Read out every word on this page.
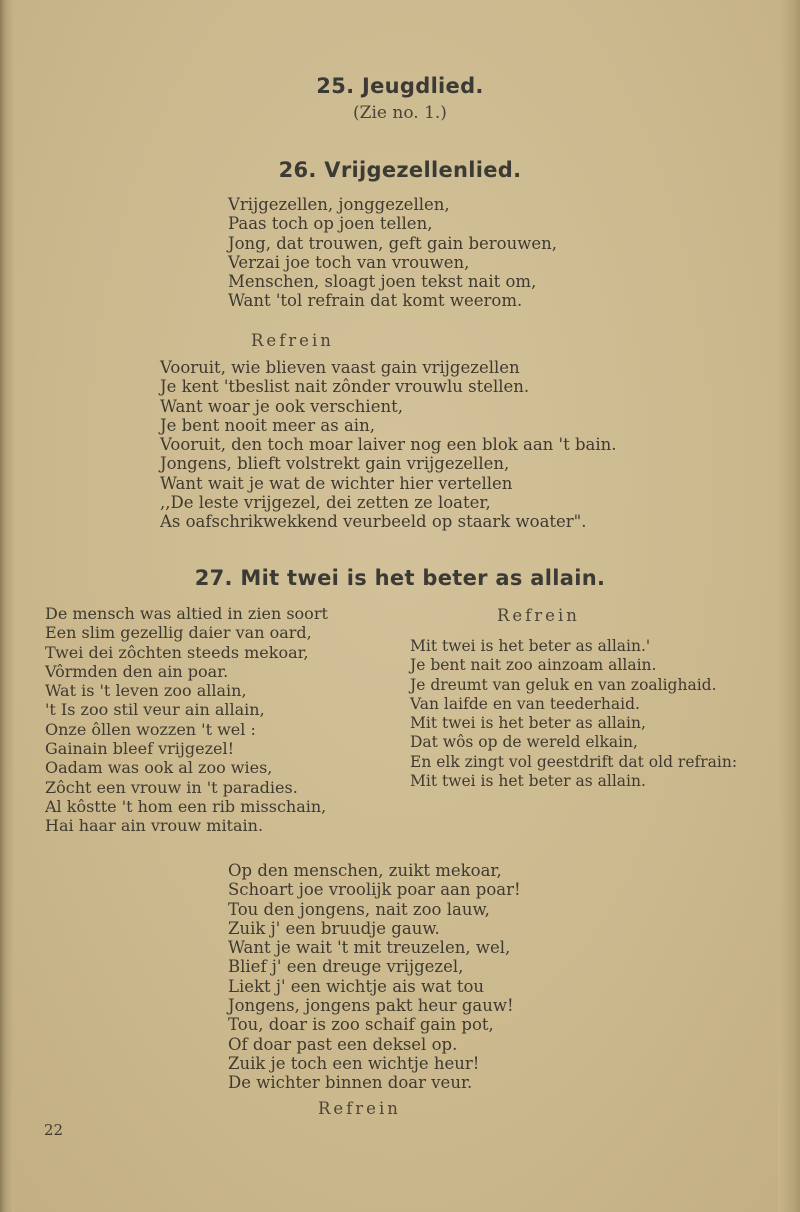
25. Jeugdlied.
(Zie no. 1.)
26. Vrijgezellenlied.
Vrijgezellen, jonggezellen,
Paas toch op joen tellen,
Jong, dat trouwen, geft gain berouwen,
Verzai joe toch van vrouwen,
Menschen, sloagt joen tekst nait om,
Want 'tol refrain dat komt weerom.
Refrein
Vooruit, wie blieven vaast gain vrijgezellen
Je kent 'tbeslist nait zônder vrouwlu stellen.
Want woar je ook verschient,
Je bent nooit meer as ain,
Vooruit, den toch moar laiver nog een blok aan 't bain.
Jongens, blieft volstrekt gain vrijgezellen,
Want wait je wat de wichter hier vertellen
,,De leste vrijgezel, dei zetten ze loater,
As oafschrikwekkend veurbeeld op staark woater".
27. Mit twei is het beter as allain.
De mensch was altied in zien soort
Een slim gezellig daier van oard,
Twei dei zôchten steeds mekoar,
Vôrmden den ain poar.
Wat is 't leven zoo allain,
't Is zoo stil veur ain allain,
Onze ôllen wozzen 't wel :
Gainain bleef vrijgezel!
Oadam was ook al zoo wies,
Zôcht een vrouw in 't paradies.
Al kôstte 't hom een rib misschain,
Hai haar ain vrouw mitain.
Refrein
Mit twei is het beter as allain.'
Je bent nait zoo ainzoam allain.
Je dreumt van geluk en van zoalighaid.
Van laifde en van teederhaid.
Mit twei is het beter as allain,
Dat wôs op de wereld elkain,
En elk zingt vol geestdrift dat old refrain:
Mit twei is het beter as allain.
Op den menschen, zuikt mekoar,
Schoart joe vroolijk poar aan poar!
Tou den jongens, nait zoo lauw,
Zuik j' een bruudje gauw.
Want je wait 't mit treuzelen, wel,
Blief j' een dreuge vrijgezel,
Liekt j' een wichtje ais wat tou
Jongens, jongens pakt heur gauw!
Tou, doar is zoo schaif gain pot,
Of doar past een deksel op.
Zuik je toch een wichtje heur!
De wichter binnen doar veur.
Refrein
22
